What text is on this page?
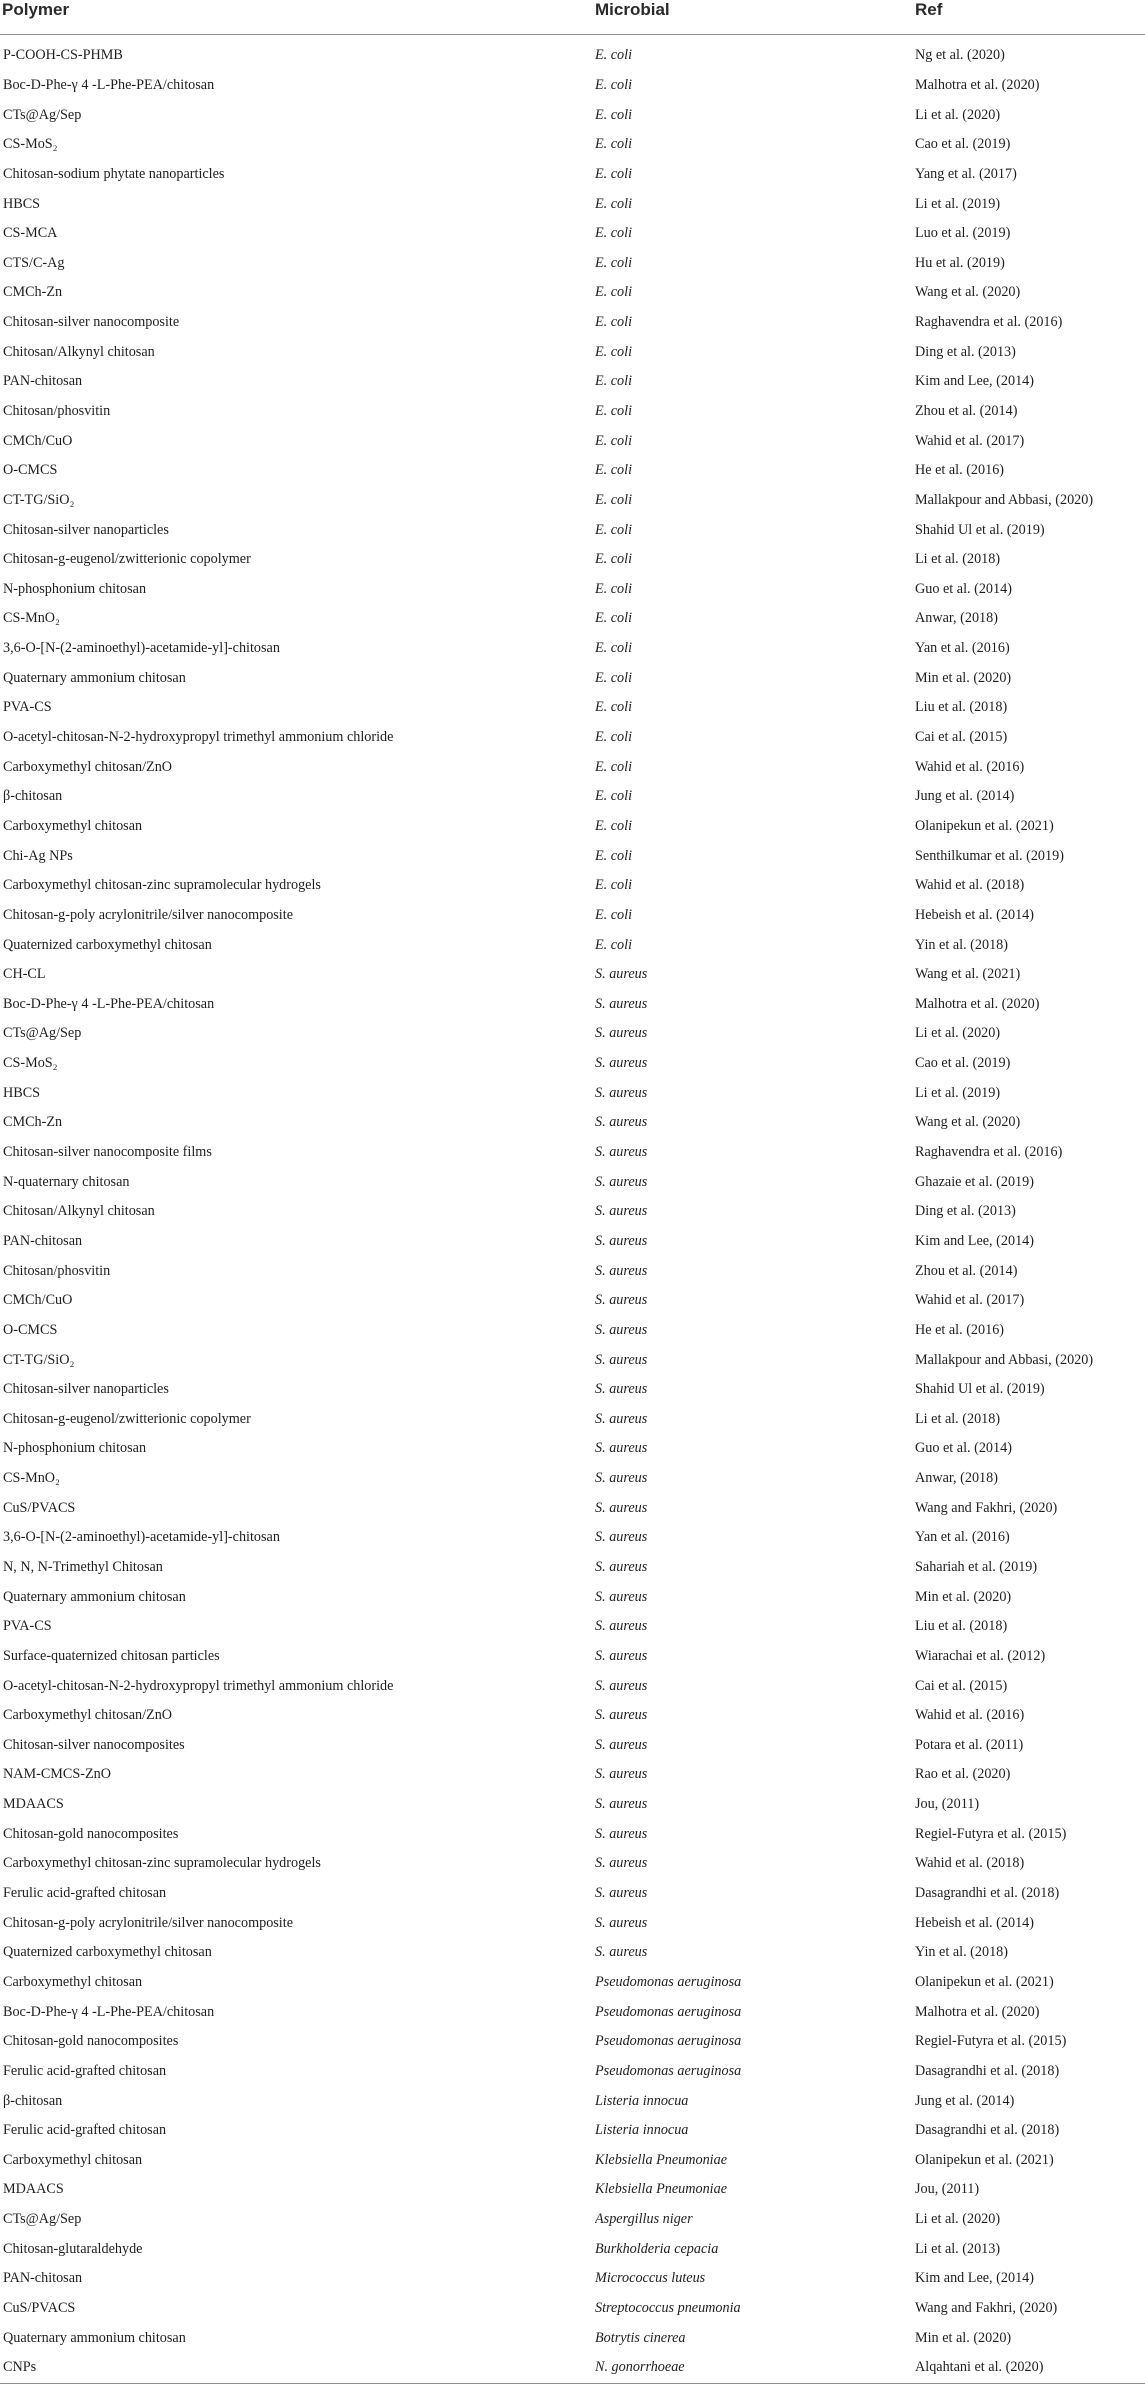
Polymer	Microbial	Ref
P-COOH-CS-PHMB	E. coli	Ng et al. (2020)
Boc-D-Phe-γ 4 -L-Phe-PEA/chitosan	E. coli	Malhotra et al. (2020)
CTs@Ag/Sep	E. coli	Li et al. (2020)
CS-MoS₂	E. coli	Cao et al. (2019)
Chitosan-sodium phytate nanoparticles	E. coli	Yang et al. (2017)
HBCS	E. coli	Li et al. (2019)
CS-MCA	E. coli	Luo et al. (2019)
CTS/C-Ag	E. coli	Hu et al. (2019)
CMCh-Zn	E. coli	Wang et al. (2020)
Chitosan-silver nanocomposite	E. coli	Raghavendra et al. (2016)
Chitosan/Alkynyl chitosan	E. coli	Ding et al. (2013)
PAN-chitosan	E. coli	Kim and Lee, (2014)
Chitosan/phosvitin	E. coli	Zhou et al. (2014)
CMCh/CuO	E. coli	Wahid et al. (2017)
O-CMCS	E. coli	He et al. (2016)
CT-TG/SiO₂	E. coli	Mallakpour and Abbasi, (2020)
Chitosan-silver nanoparticles	E. coli	Shahid Ul et al. (2019)
Chitosan-g-eugenol/zwitterionic copolymer	E. coli	Li et al. (2018)
N-phosphonium chitosan	E. coli	Guo et al. (2014)
CS-MnO₂	E. coli	Anwar, (2018)
3,6-O-[N-(2-aminoethyl)-acetamide-yl]-chitosan	E. coli	Yan et al. (2016)
Quaternary ammonium chitosan	E. coli	Min et al. (2020)
PVA-CS	E. coli	Liu et al. (2018)
O-acetyl-chitosan-N-2-hydroxypropyl trimethyl ammonium chloride	E. coli	Cai et al. (2015)
Carboxymethyl chitosan/ZnO	E. coli	Wahid et al. (2016)
β-chitosan	E. coli	Jung et al. (2014)
Carboxymethyl chitosan	E. coli	Olanipekun et al. (2021)
Chi-Ag NPs	E. coli	Senthilkumar et al. (2019)
Carboxymethyl chitosan-zinc supramolecular hydrogels	E. coli	Wahid et al. (2018)
Chitosan-g-poly acrylonitrile/silver nanocomposite	E. coli	Hebeish et al. (2014)
Quaternized carboxymethyl chitosan	E. coli	Yin et al. (2018)
CH-CL	S. aureus	Wang et al. (2021)
Boc-D-Phe-γ 4 -L-Phe-PEA/chitosan	S. aureus	Malhotra et al. (2020)
CTs@Ag/Sep	S. aureus	Li et al. (2020)
CS-MoS₂	S. aureus	Cao et al. (2019)
HBCS	S. aureus	Li et al. (2019)
CMCh-Zn	S. aureus	Wang et al. (2020)
Chitosan-silver nanocomposite films	S. aureus	Raghavendra et al. (2016)
N-quaternary chitosan	S. aureus	Ghazaie et al. (2019)
Chitosan/Alkynyl chitosan	S. aureus	Ding et al. (2013)
PAN-chitosan	S. aureus	Kim and Lee, (2014)
Chitosan/phosvitin	S. aureus	Zhou et al. (2014)
CMCh/CuO	S. aureus	Wahid et al. (2017)
O-CMCS	S. aureus	He et al. (2016)
CT-TG/SiO₂	S. aureus	Mallakpour and Abbasi, (2020)
Chitosan-silver nanoparticles	S. aureus	Shahid Ul et al. (2019)
Chitosan-g-eugenol/zwitterionic copolymer	S. aureus	Li et al. (2018)
N-phosphonium chitosan	S. aureus	Guo et al. (2014)
CS-MnO₂	S. aureus	Anwar, (2018)
CuS/PVACS	S. aureus	Wang and Fakhri, (2020)
3,6-O-[N-(2-aminoethyl)-acetamide-yl]-chitosan	S. aureus	Yan et al. (2016)
N, N, N-Trimethyl Chitosan	S. aureus	Sahariah et al. (2019)
Quaternary ammonium chitosan	S. aureus	Min et al. (2020)
PVA-CS	S. aureus	Liu et al. (2018)
Surface-quaternized chitosan particles	S. aureus	Wiarachai et al. (2012)
O-acetyl-chitosan-N-2-hydroxypropyl trimethyl ammonium chloride	S. aureus	Cai et al. (2015)
Carboxymethyl chitosan/ZnO	S. aureus	Wahid et al. (2016)
Chitosan-silver nanocomposites	S. aureus	Potara et al. (2011)
NAM-CMCS-ZnO	S. aureus	Rao et al. (2020)
MDAACS	S. aureus	Jou, (2011)
Chitosan-gold nanocomposites	S. aureus	Regiel-Futyra et al. (2015)
Carboxymethyl chitosan-zinc supramolecular hydrogels	S. aureus	Wahid et al. (2018)
Ferulic acid-grafted chitosan	S. aureus	Dasagrandhi et al. (2018)
Chitosan-g-poly acrylonitrile/silver nanocomposite	S. aureus	Hebeish et al. (2014)
Quaternized carboxymethyl chitosan	S. aureus	Yin et al. (2018)
Carboxymethyl chitosan	Pseudomonas aeruginosa	Olanipekun et al. (2021)
Boc-D-Phe-γ 4 -L-Phe-PEA/chitosan	Pseudomonas aeruginosa	Malhotra et al. (2020)
Chitosan-gold nanocomposites	Pseudomonas aeruginosa	Regiel-Futyra et al. (2015)
Ferulic acid-grafted chitosan	Pseudomonas aeruginosa	Dasagrandhi et al. (2018)
β-chitosan	Listeria innocua	Jung et al. (2014)
Ferulic acid-grafted chitosan	Listeria innocua	Dasagrandhi et al. (2018)
Carboxymethyl chitosan	Klebsiella Pneumoniae	Olanipekun et al. (2021)
MDAACS	Klebsiella Pneumoniae	Jou, (2011)
CTs@Ag/Sep	Aspergillus niger	Li et al. (2020)
Chitosan-glutaraldehyde	Burkholderia cepacia	Li et al. (2013)
PAN-chitosan	Micrococcus luteus	Kim and Lee, (2014)
CuS/PVACS	Streptococcus pneumonia	Wang and Fakhri, (2020)
Quaternary ammonium chitosan	Botrytis cinerea	Min et al. (2020)
CNPs	N. gonorrhoeae	Alqahtani et al. (2020)
